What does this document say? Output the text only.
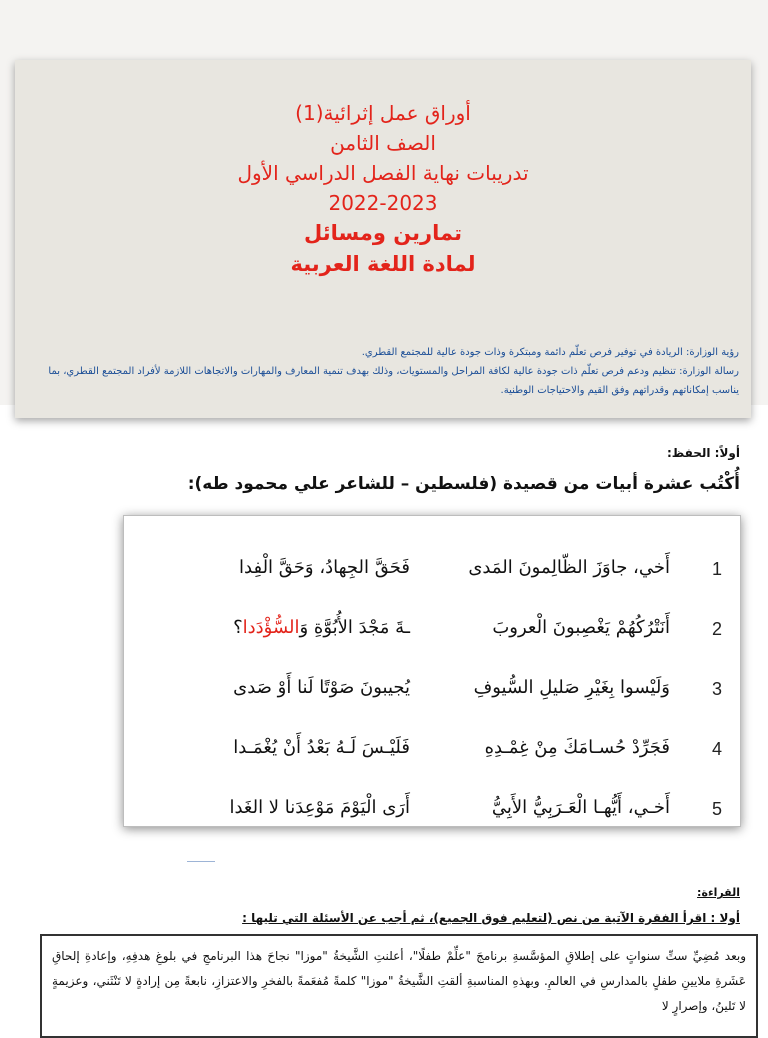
أوراق عمل إثرائية(1)

الصف الثامن

تدريبات نهاية الفصل الدراسي الأول

2022-2023

تمارين ومسائل

لمادة اللغة العربية

رؤية الوزارة: الريادة في توفير فرص تعلّم دائمة ومبتكرة وذات جودة عالية للمجتمع القطري.
رسالة الوزارة: تنظيم ودعم فرص تعلّم ذات جودة عالية لكافة المراحل والمستويات، وذلك بهدف تنمية المعارف والمهارات والاتجاهات اللازمة لأفراد المجتمع القطري، بما يناسب إمكاناتهم وقدراتهم وفق القيم والاحتياجات الوطنية.
أولاً: الحفظ:
أُكْتُب عشرة أبيات من قصيدة (فلسطين – للشاعر علي محمود طه):
1
أَخي، جاوَزَ الظّالِمونَ المَدى
فَحَقَّ الجِهادُ، وَحَقَّ الْفِدا
2
أَنَتْرُكُهُمْ يَغْصِبونَ الْعروبَ
ـةَ مَجْدَ الأُبُوَّةِ وَالسُّؤْدَدا؟
3
وَلَيْسوا بِغَيْرِ صَليلِ السُّيوفِ
يُجيبونَ صَوْتًا لَنا أَوْ صَدى
4
فَجَرِّدْ حُسـامَكَ مِنْ غِمْـدِهِ
فَلَيْـسَ لَـهُ بَعْدُ أَنْ يُغْمَـدا
5
أَخـي، أَيُّهـا الْعَـرَبِيُّ الأَبِيُّ
أَرَى الْيَوْمَ مَوْعِدَنا لا الغَدا
القراءة:
أولا : اقرأ الفقرة الآتية من نص (لتعليم فوق الجميع)، ثم أجب عن الأسئلة التي تليها :
وبعد مُضِيِّ ستِّ سنواتٍ على إطلاقِ المؤسَّسةِ برنامجَ "علِّمْ طفلًا"، أعلنتِ الشَّيخةُ "موزا" نجاحَ هذا البرنامجِ في بلوغِ هدفِهِ، وإعادةِ إلحاقِ عَشَرةِ ملايينِ طفلٍ بالمدارسِ في العالمِ. وبهذهِ المناسبةِ ألقتِ الشَّيخةُ "موزا" كلمةً مُفعَمةً بالفخرِ والاعتزازِ، نابعةً مِن إرادةٍ لا تَنْثَني، وعزيمةٍ لا تَلينُ، وإصرارٍ لا
